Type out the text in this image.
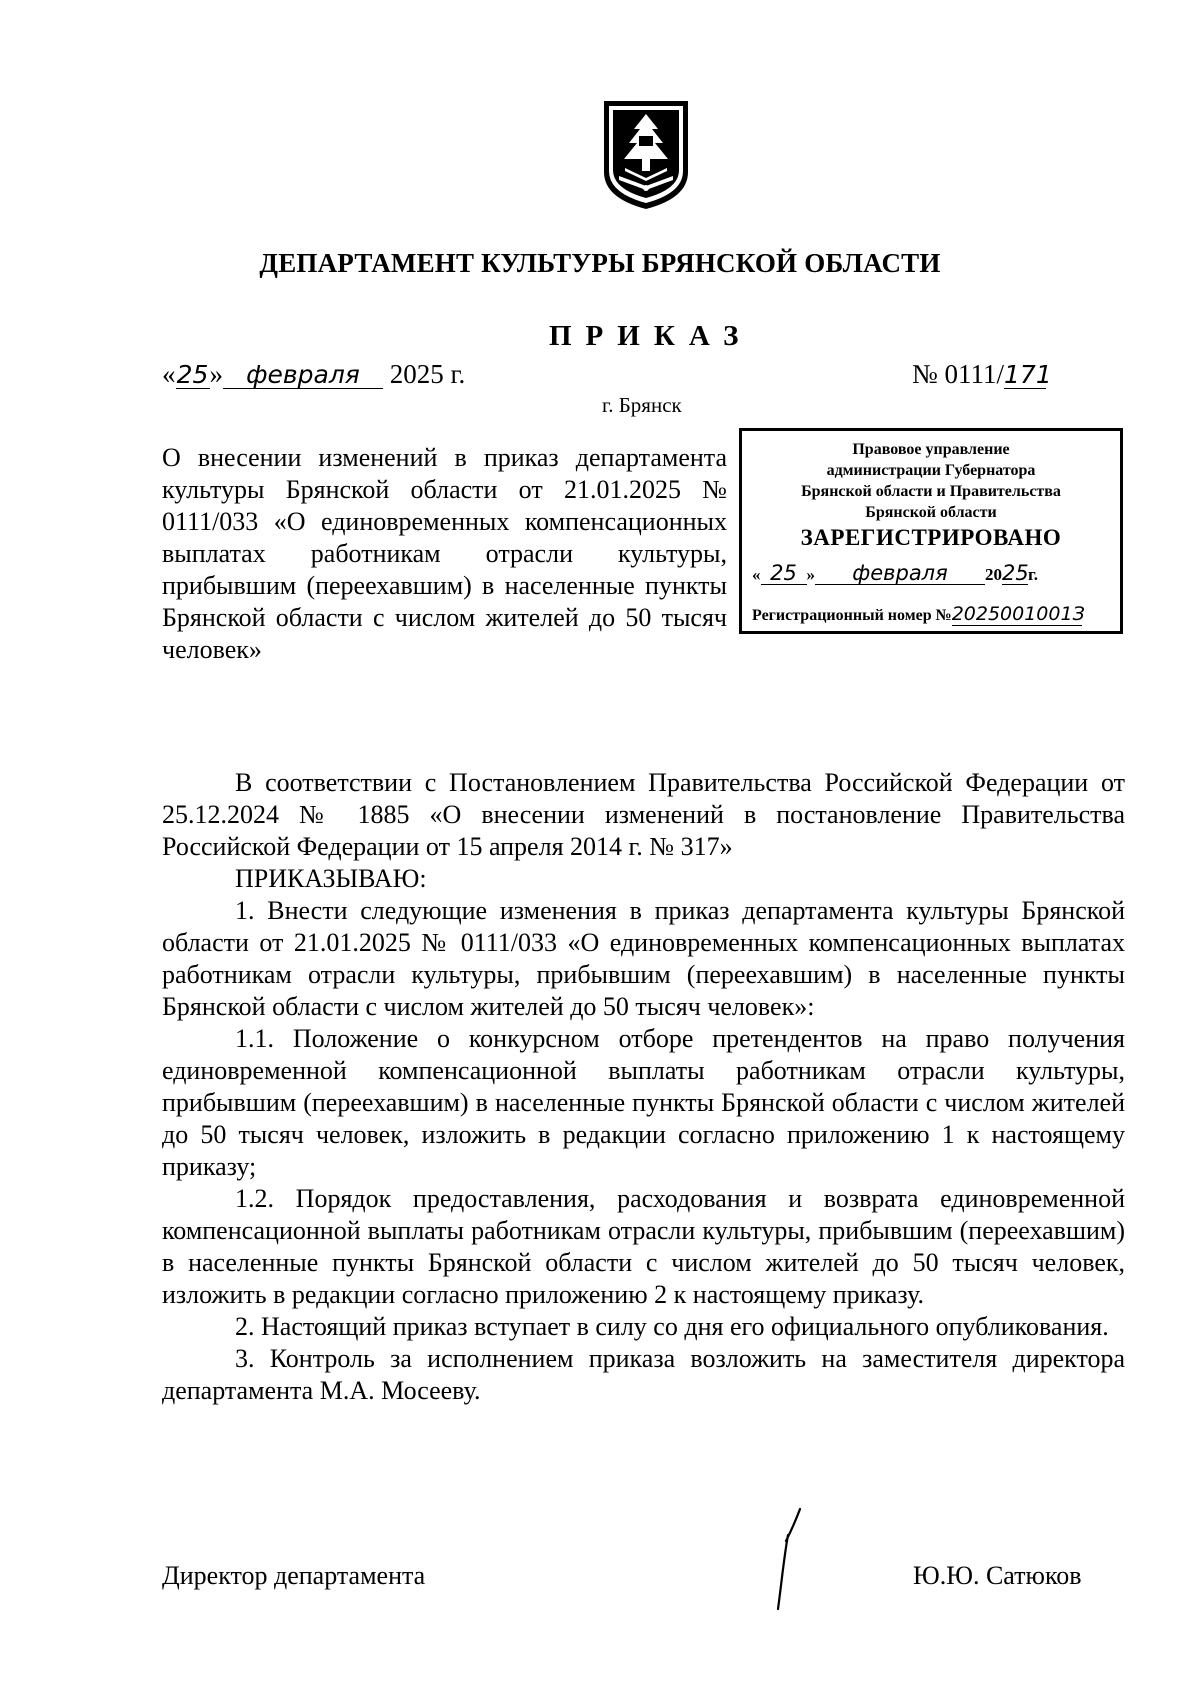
ДЕПАРТАМЕНТ КУЛЬТУРЫ БРЯНСКОЙ ОБЛАСТИ
ПРИКАЗ
«25» февраля 2025 г.	№ 0111/171
г. Брянск
О внесении изменений в приказ департамента культуры Брянской области от 21.01.2025 № 0111/033 «О единовременных компенсационных выплатах работникам отрасли культуры, прибывшим (переехавшим) в населенные пункты Брянской области с числом жителей до 50 тысяч человек»
Правовое управление
администрации Губернатора
Брянской области и Правительства
Брянской области
ЗАРЕГИСТРИРОВАНО
« 25 » февраля 2025г.
Регистрационный номер №2025001001З

В соответствии с Постановлением Правительства Российской Федерации от 25.12.2024 № 1885 «О внесении изменений в постановление Правительства Российской Федерации от 15 апреля 2014 г. № 317»

ПРИКАЗЫВАЮ:

1. Внести следующие изменения в приказ департамента культуры Брянской области от 21.01.2025 № 0111/033 «О единовременных компенсационных выплатах работникам отрасли культуры, прибывшим (переехавшим) в населенные пункты Брянской области с числом жителей до 50 тысяч человек»:

1.1. Положение о конкурсном отборе претендентов на право получения единовременной компенсационной выплаты работникам отрасли культуры, прибывшим (переехавшим) в населенные пункты Брянской области с числом жителей до 50 тысяч человек, изложить в редакции согласно приложению 1 к настоящему приказу;

1.2. Порядок предоставления, расходования и возврата единовременной компенсационной выплаты работникам отрасли культуры, прибывшим (переехавшим) в населенные пункты Брянской области с числом жителей до 50 тысяч человек, изложить в редакции согласно приложению 2 к настоящему приказу.

2. Настоящий приказ вступает в силу со дня его официального опубликования.

3. Контроль за исполнением приказа возложить на заместителя директора департамента М.А. Мосееву.

Директор департамента	Ю.Ю. Сатюков
